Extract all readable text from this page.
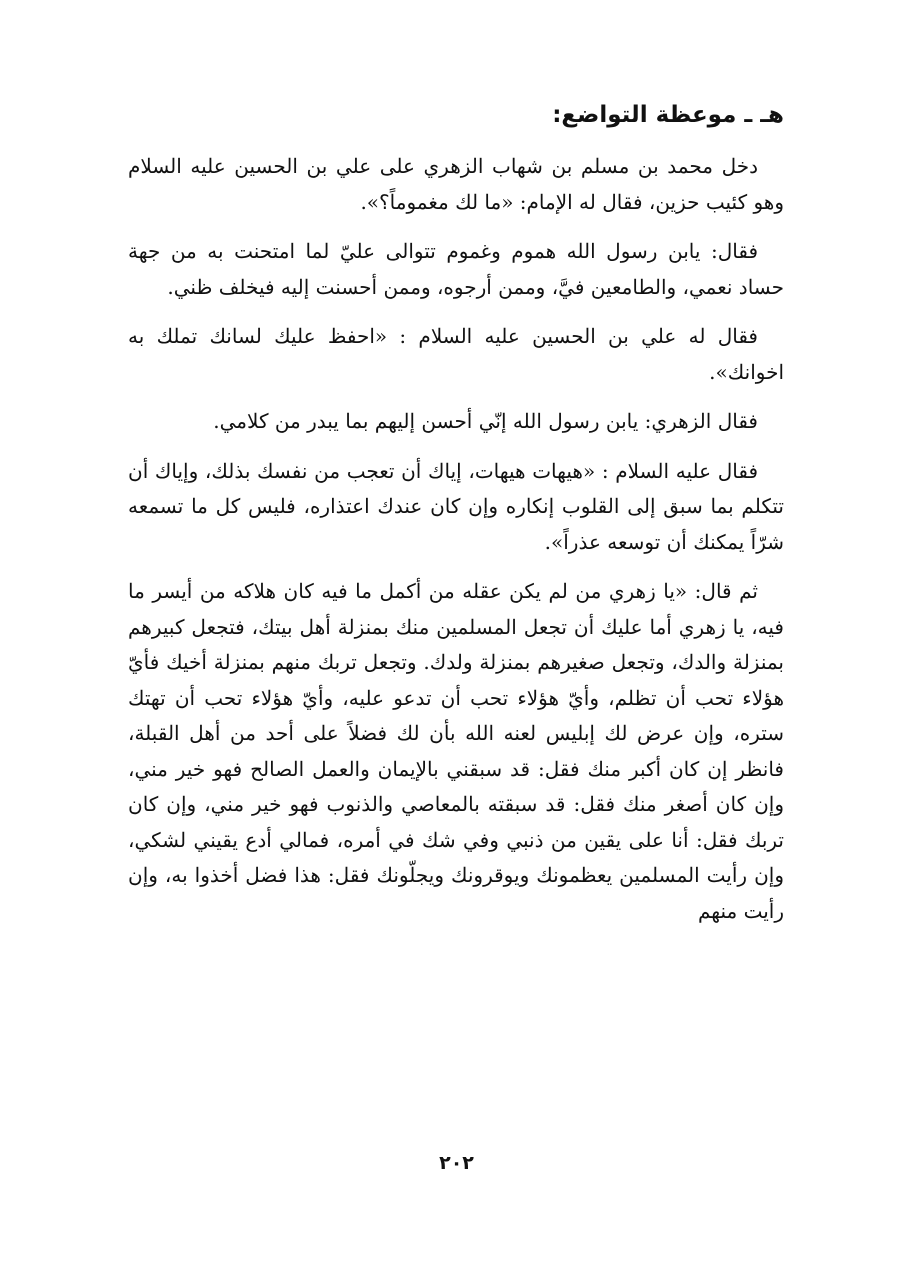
هـ ـ موعظة التواضع:

دخل محمد بن مسلم بن شهاب الزهري على علي بن الحسين عليه السلام وهو كئيب حزين، فقال له الإمام: «ما لك مغموماً؟».

فقال: يابن رسول الله هموم وغموم تتوالى عليّ لما امتحنت به من جهة حساد نعمي، والطامعين فيَّ، وممن أرجوه، وممن أحسنت إليه فيخلف ظني.

فقال له علي بن الحسين عليه السلام : «احفظ عليك لسانك تملك به اخوانك».

فقال الزهري: يابن رسول الله إنّي أحسن إليهم بما يبدر من كلامي.

فقال عليه السلام : «هيهات هيهات، إياك أن تعجب من نفسك بذلك، وإياك أن تتكلم بما سبق إلى القلوب إنكاره وإن كان عندك اعتذاره، فليس كل ما تسمعه شرّاً يمكنك أن توسعه عذراً».

ثم قال: «يا زهري من لم يكن عقله من أكمل ما فيه كان هلاكه من أيسر ما فيه، يا زهري أما عليك أن تجعل المسلمين منك بمنزلة أهل بيتك، فتجعل كبيرهم بمنزلة والدك، وتجعل صغيرهم بمنزلة ولدك. وتجعل تربك منهم بمنزلة أخيك فأيّ هؤلاء تحب أن تظلم، وأيّ هؤلاء تحب أن تدعو عليه، وأيّ هؤلاء تحب أن تهتك ستره، وإن عرض لك إبليس لعنه الله بأن لك فضلاً على أحد من أهل القبلة، فانظر إن كان أكبر منك فقل: قد سبقني بالإيمان والعمل الصالح فهو خير مني، وإن كان أصغر منك فقل: قد سبقته بالمعاصي والذنوب فهو خير مني، وإن كان تربك فقل: أنا على يقين من ذنبي وفي شك في أمره، فمالي أدع يقيني لشكي، وإن رأيت المسلمين يعظمونك ويوقرونك ويجلّونك فقل: هذا فضل أخذوا به، وإن رأيت منهم

٢٠٢
